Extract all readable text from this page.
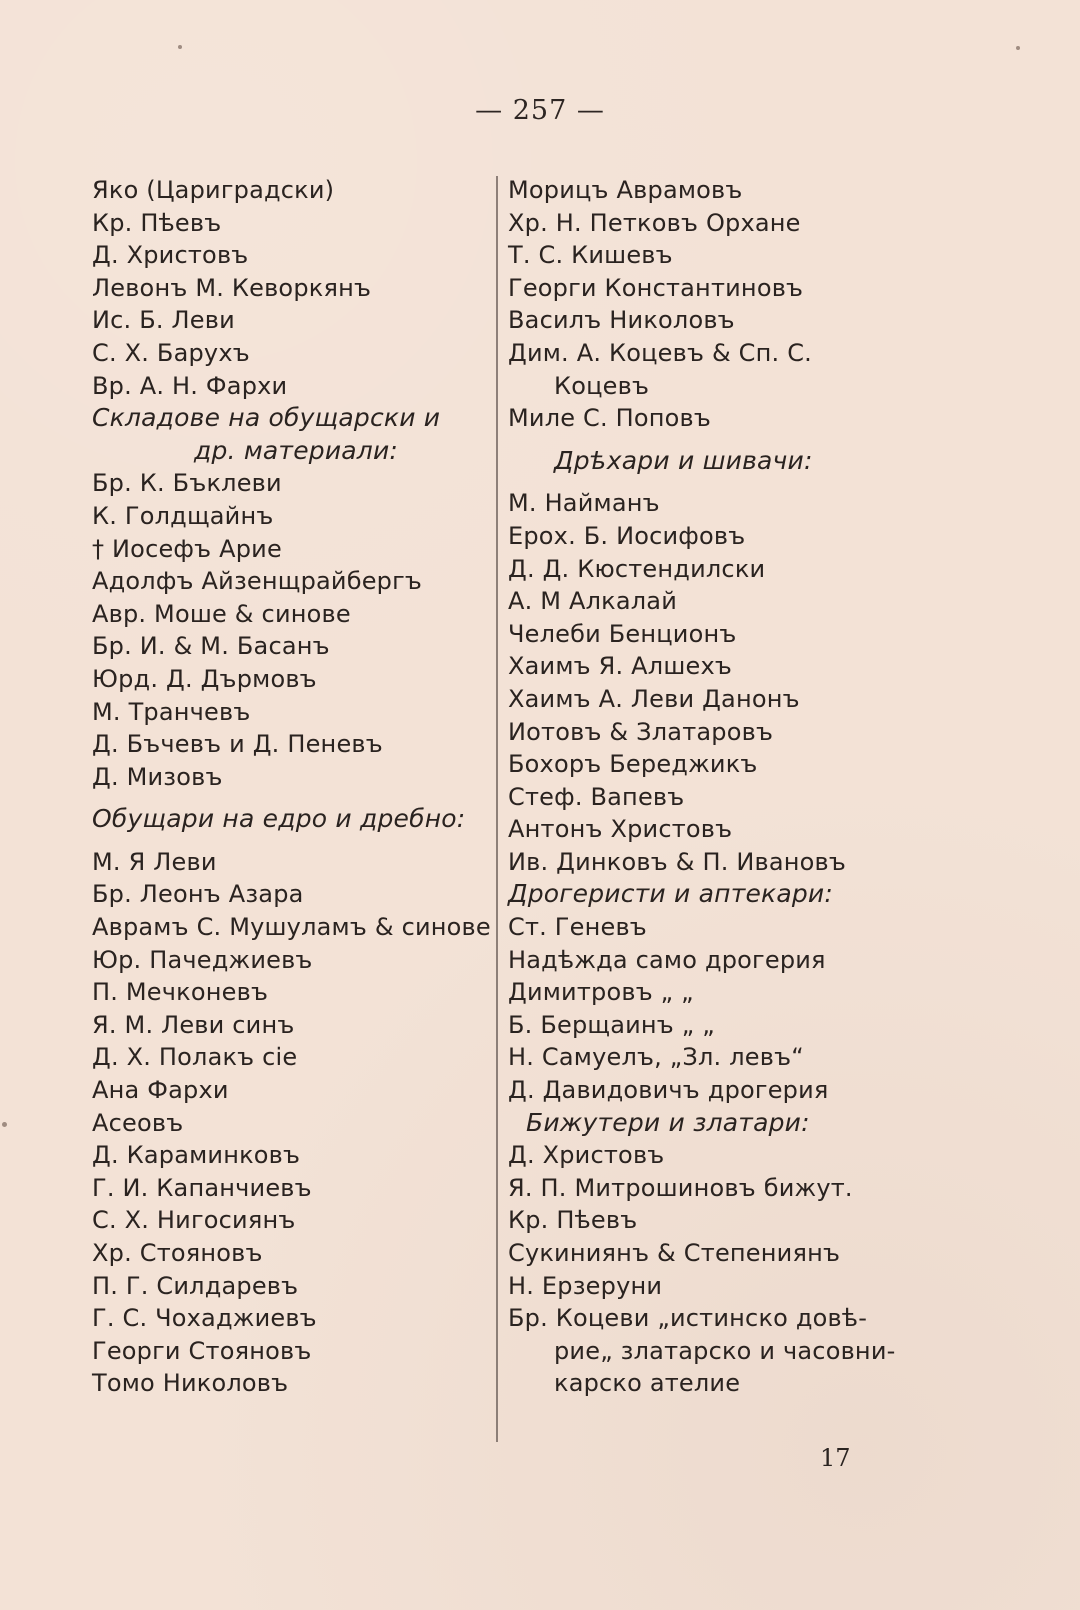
— 257 —
Яко (Цариградски)
Кр. Пѣевъ
Д. Христовъ
Левонъ М. Кеворкянъ
Ис. Б. Леви
С. Х. Барухъ
Вр. А. Н. Фархи
Складове на обущарски и
др. материали:
Бр. К. Бъклеви
К. Голдщайнъ
† Иосефъ Арие
Адолфъ Айзенщрайбергъ
Авр. Моше & синове
Бр. И. & М. Басанъ
Юрд. Д. Дърмовъ
М. Транчевъ
Д. Бъчевъ и Д. Пеневъ
Д. Мизовъ
Обущари на едро и дребно:
М. Я Леви
Бр. Леонъ Азара
Аврамъ С. Мушуламъ & синове
Юр. Пачеджиевъ
П. Мечконевъ
Я. М. Леви синъ
Д. Х. Полакъ сіе
Ана Фархи
Асеовъ
Д. Караминковъ
Г. И. Капанчиевъ
С. Х. Нигосиянъ
Хр. Стояновъ
П. Г. Силдаревъ
Г. С. Чохаджиевъ
Георги Стояновъ
Томо Николовъ
Морицъ Аврамовъ
Хр. Н. Петковъ Орхане
Т. С. Кишевъ
Георги Константиновъ
Василъ Николовъ
Дим. А. Коцевъ & Сп. С.
Коцевъ
Миле С. Поповъ
Дрѣхари и шивачи:
М. Найманъ
Ерох. Б. Иосифовъ
Д. Д. Кюстендилски
А. М Алкалай
Челеби Бенционъ
Хаимъ Я. Алшехъ
Хаимъ А. Леви Данонъ
Иотовъ & Златаровъ
Бохоръ Береджикъ
Стеф. Вапевъ
Антонъ Христовъ
Ив. Динковъ & П. Ивановъ
Дрогеристи и аптекари:
Ст. Геневъ
Надѣжда само дрогерия
Димитровъ „ „
Б. Берщаинъ „ „
Н. Самуелъ, „Зл. левъ“
Д. Давидовичъ дрогерия
Бижутери и златари:
Д. Христовъ
Я. П. Митрошиновъ бижут.
Кр. Пѣевъ
Сукиниянъ & Степениянъ
Н. Ерзеруни
Бр. Коцеви „истинско довѣ-
рие„ златарско и часовни-
карско ателие
17
